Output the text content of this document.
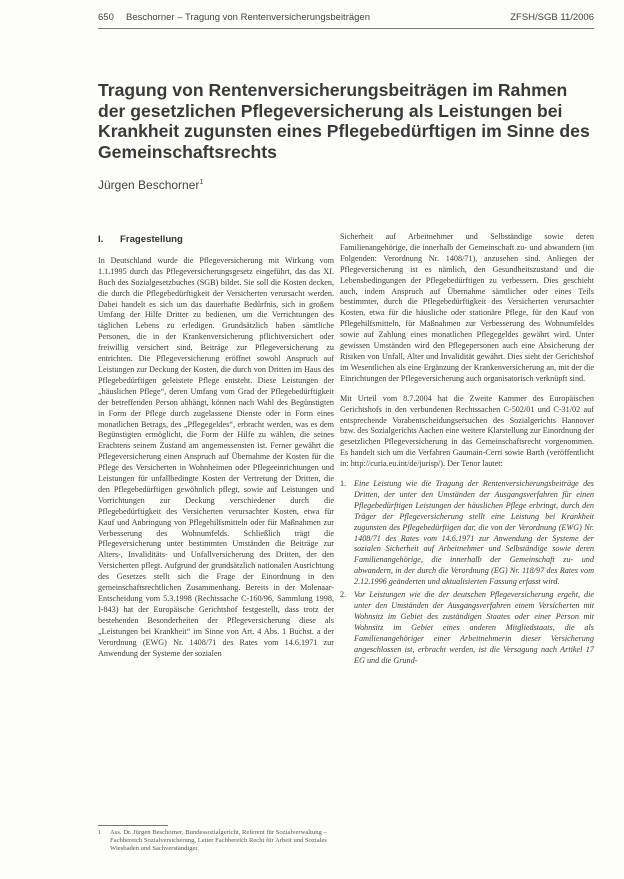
650 Beschorner – Tragung von Rentenversicherungsbeiträgen	ZFSH/SGB 11/2006
Tragung von Rentenversicherungsbeiträgen im Rahmen der gesetzlichen Pflegeversicherung als Leistungen bei Krankheit zugunsten eines Pflegebedürftigen im Sinne des Gemeinschaftsrechts
Jürgen Beschorner$^1$
I. Fragestellung

In Deutschland wurde die Pflegeversicherung mit Wirkung vom 1.1.1995 durch das Pflegeversicherungsgesetz eingeführt, das das XI. Buch des Sozialgesetzbuches (SGB) bildet. Sie soll die Kosten decken, die durch die Pflegebedürftigkeit der Versicherten verursacht werden. Dabei handelt es sich um das dauerhafte Bedürfnis, sich in großem Umfang der Hilfe Dritter zu bedienen, um die Verrichtungen des täglichen Lebens zu erledigen. Grundsätzlich haben sämtliche Personen, die in der Krankenversicherung pflichtversichert oder freiwillig versichert sind, Beiträge zur Pflegeversicherung zu entrichten. Die Pflegeversicherung eröffnet sowohl Anspruch auf Leistungen zur Deckung der Kosten, die durch von Dritten im Haus des Pflegebedürftigen geleistete Pflege entsteht. Diese Leistungen der „häuslichen Pflege“, deren Umfang vom Grad der Pflegebedürftigkeit der betreffenden Person abhängt, können nach Wahl des Begünstigten in Form der Pflege durch zugelassene Dienste oder in Form eines monatlichen Betrags, des „Pflegegeldes“, erbracht werden, was es dem Begünstigten ermöglicht, die Form der Hilfe zu wählen, die seines Erachtens seinem Zustand am angemessensten ist. Ferner gewährt die Pflegeversicherung einen Anspruch auf Übernahme der Kosten für die Pflege des Versicherten in Wohnheimen oder Pflegeeinrichtungen und Leistungen für unfallbedingte Kosten der Vertretung der Dritten, die den Pflegebedürftigen gewöhnlich pflegt, sowie auf Leistungen und Vorrichtungen zur Deckung verschiedener durch die Pflegebedürftigkeit des Versicherten verursachter Kosten, etwa für Kauf und Anbringung von Pflegehilfsmitteln oder für Maßnahmen zur Verbesserung des Wohnumfelds. Schließlich trägt die Pflegeversicherung unter bestimmten Umständen die Beiträge zur Alters-, Invaliditäts- und Unfallversicherung des Dritten, der den Versicherten pflegt. Aufgrund der grundsätzlich nationalen Ausrichtung des Gesetzes stellt sich die Frage der Einordnung in den gemeinschaftsrechtlichen Zusammenhang. Bereits in der Molenaar-Entscheidung vom 5.3.1998 (Rechtssache C-160/96, Sammlung 1998, I-843) hat der Europäische Gerichtshof festgestellt, dass trotz der bestehenden Besonderheiten der Pflegeversicherung diese als „Leistungen bei Krankheit“ im Sinne von Art. 4 Abs. 1 Buchst. a der Verordnung (EWG) Nr. 1408/71 des Rates vom 14.6.1971 zur Anwendung der Systeme der sozialen

Sicherheit auf Arbeitnehmer und Selbständige sowie deren Familienangehörige, die innerhalb der Gemeinschaft zu- und abwandern (im Folgenden: Verordnung Nr. 1408/71), anzusehen sind. Anliegen der Pflegeversicherung ist es nämlich, den Gesundheitszustand und die Lebensbedingungen der Pflegebedürftigen zu verbessern. Dies geschieht auch, indem Anspruch auf Übernahme sämtlicher oder eines Teils bestimmter, durch die Pflegebedürftigkeit des Versicherten verursachter Kosten, etwa für die häusliche oder stationäre Pflege, für den Kauf von Pflegehilfsmitteln, für Maßnahmen zur Verbesserung des Wohnumfeldes sowie auf Zahlung eines monatlichen Pflegegeldes gewährt wird. Unter gewissen Umständen wird den Pflegepersonen auch eine Absicherung der Risiken von Unfall, Alter und Invalidität gewährt. Dies sieht der Gerichtshof im Wesentlichen als eine Ergänzung der Krankenversicherung an, mit der die Einrichtungen der Pflegeversicherung auch organisatorisch verknüpft sind.

Mit Urteil vom 8.7.2004 hat die Zweite Kammer des Europäischen Gerichtshofs in den verbundenen Rechtssachen C-502/01 und C-31/02 auf entsprechende Vorabentscheidungsersuchen des Sozialgerichts Hannover bzw. des Sozialgerichts Aachen eine weitere Klarstellung zur Einordnung der gesetzlichen Pflegeversicherung in das Gemeinschaftsrecht vorgenommen. Es handelt sich um die Verfahren Gaumain-Cerri sowie Barth (veröffentlicht in: http://curia.eu.int/de/jurisp/). Der Tenor lautet:

1. Eine Leistung wie die Tragung der Rentenversicherungsbeiträge des Dritten, der unter den Umständen der Ausgangsverfahren für einen Pflegebedürftigen Leistungen der häuslichen Pflege erbringt, durch den Träger der Pflegeversicherung stellt eine Leistung bei Krankheit zugunsten des Pflegebedürftigen dar, die von der Verordnung (EWG) Nr. 1408/71 des Rates vom 14.6.1971 zur Anwendung der Systeme der sozialen Sicherheit auf Arbeitnehmer und Selbständige sowie deren Familienangehörige, die innerhalb der Gemeinschaft zu- und abwandern, in der durch die Verordnung (EG) Nr. 118/97 des Rates vom 2.12.1996 geänderten und aktualisierten Fassung erfasst wird.
2. Vor Leistungen wie die der deutschen Pflegeversicherung ergeht, die unter den Umständen der Ausgangsverfahren einem Versicherten mit Wohnsitz im Gebiet des zuständigen Staates oder einer Person mit Wohnsitz im Gebiet eines anderen Mitgliedstaats, die als Familienangehöriger einer Arbeitnehmerin dieser Versicherung angeschlossen ist, erbracht werden, ist die Versagung nach Artikel 17 EG und die Grund-
1	Ass. Dr. Jürgen Beschorner, Bundessozialgericht, Referent für Sozialverwaltung – Fachbereich Sozialversicherung, Leiter Fachbereich Recht für Arbeit und Soziales Wiesbaden und Sachverständiger.
